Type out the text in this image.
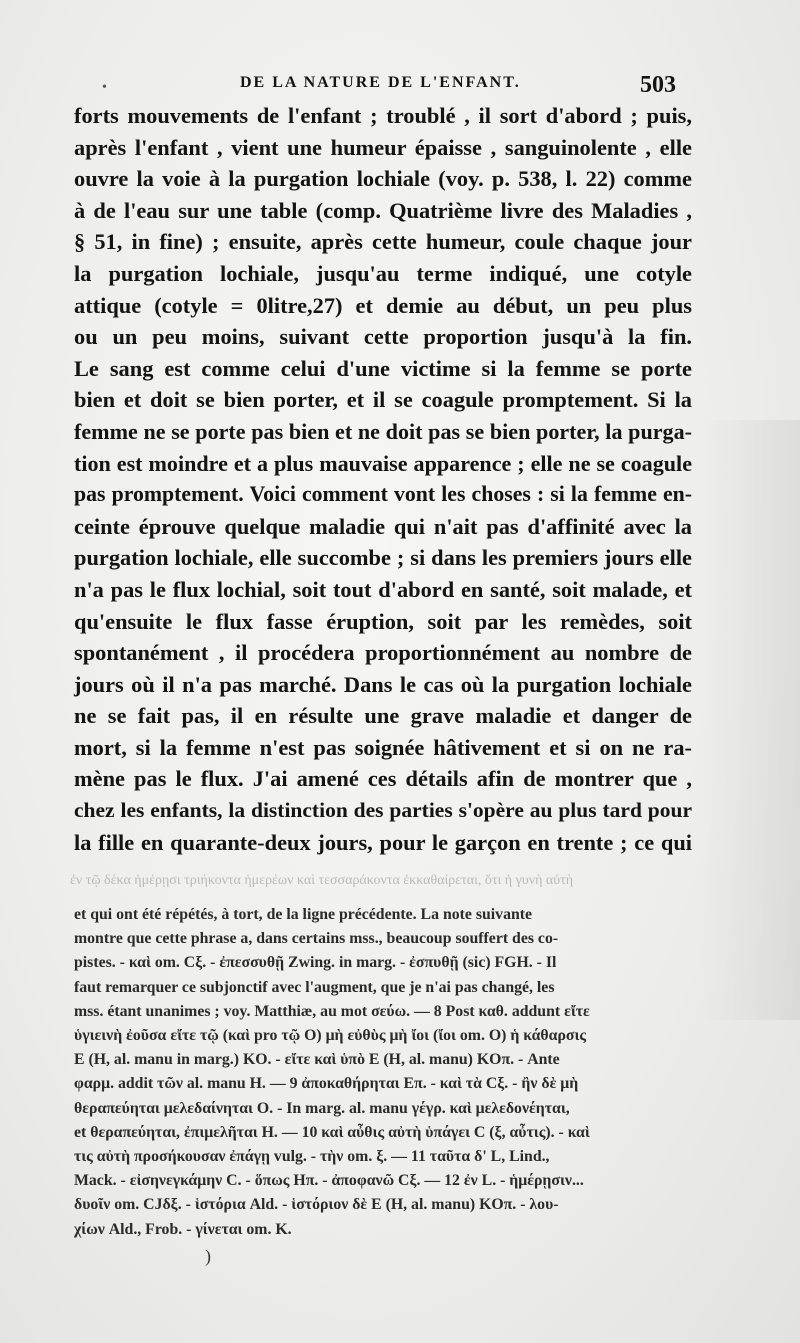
•	DE LA NATURE DE L'ENFANT.	503
forts mouvements de l'enfant ; troublé , il sort d'abord ; puis,
après l'enfant , vient une humeur épaisse , sanguinolente , elle
ouvre la voie à la purgation lochiale (voy. p. 538, l. 22) comme
à de l'eau sur une table (comp. Quatrième livre des Maladies ,
§ 51, in fine) ; ensuite, après cette humeur, coule chaque jour
la purgation lochiale, jusqu'au terme indiqué, une cotyle
attique (cotyle = 0litre,27) et demie au début, un peu plus
ou un peu moins, suivant cette proportion jusqu'à la fin.
Le sang est comme celui d'une victime si la femme se porte
bien et doit se bien porter, et il se coagule promptement. Si la
femme ne se porte pas bien et ne doit pas se bien porter, la purga-
tion est moindre et a plus mauvaise apparence ; elle ne se coagule
pas promptement. Voici comment vont les choses : si la femme en-
ceinte éprouve quelque maladie qui n'ait pas d'affinité avec la
purgation lochiale, elle succombe ; si dans les premiers jours elle
n'a pas le flux lochial, soit tout d'abord en santé, soit malade, et
qu'ensuite le flux fasse éruption, soit par les remèdes, soit
spontanément , il procédera proportionnément au nombre de
jours où il n'a pas marché. Dans le cas où la purgation lochiale
ne se fait pas, il en résulte une grave maladie et danger de
mort, si la femme n'est pas soignée hâtivement et si on ne ra-
mène pas le flux. J'ai amené ces détails afin de montrer que ,
chez les enfants, la distinction des parties s'opère au plus tard pour
la fille en quarante-deux jours, pour le garçon en trente ; ce qui
ἐν τῷ δέκα ἡμέρῃσι τριήκοντα ἡμερέων καὶ τεσσαράκοντα ἐκκαθαίρεται, ὅτι ἡ γυνὴ αὐτὴ
et qui ont été répétés, à tort, de la ligne précédente. La note suivante
montre que cette phrase a, dans certains mss., beaucoup souffert des co-
pistes. - καὶ om. Cξ. - ἐπεσσυθῇ Zwing. in marg. - ἐσπυθῇ (sic) FGH. - Il
faut remarquer ce subjonctif avec l'augment, que je n'ai pas changé, les
mss. étant unanimes ; voy. Matthiæ, au mot σεύω. — 8 Post καθ. addunt εἴτε
ὑγιεινὴ ἐοῦσα εἴτε τῷ (καὶ pro τῷ O) μὴ εὐθὺς μὴ ἴοι (ἴοι om. O) ἡ κάθαρσις
E (H, al. manu in marg.) KO. - εἴτε καὶ ὑπὸ E (H, al. manu) KOπ. - Ante
φαρμ. addit τῶν al. manu H. — 9 ἀποκαθήρηται Eπ. - καὶ τὰ Cξ. - ἢν δὲ μὴ
θεραπεύηται μελεδαίνηται O. - In marg. al. manu γέγρ. καὶ μελεδονέηται,
et θεραπεύηται, ἐπιμελῆται H. — 10 καὶ αὖθις αὐτὴ ὑπάγει C (ξ, αὖτις). - καὶ
τις αὐτὴ προσήκουσαν ἐπάγῃ vulg. - τὴν om. ξ. — 11 ταῦτα δ' L, Lind.,
Mack. - εἰσηνεγκάμην C. - ὅπως Hπ. - ἀποφανῶ Cξ. — 12 ἐν L. - ἡμέρῃσιν...
δυοῖν om. CJδξ. - ἱστόρια Ald. - ἱστόριον δὲ E (H, al. manu) KOπ. - λου-
χίων Ald., Frob. - γίνεται om. K.
)
